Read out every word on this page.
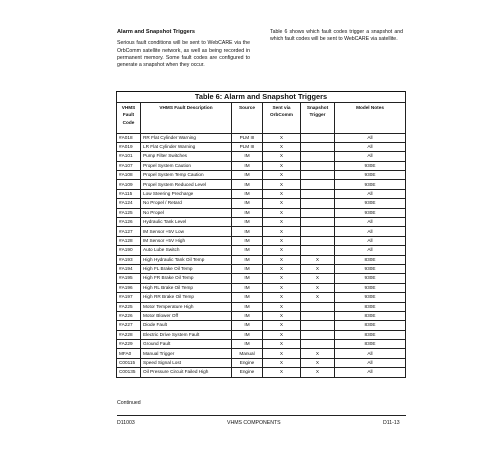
Alarm and Snapshot Triggers
Serious fault conditions will be sent to WebCARE via the OrbComm satellite network, as well as being recorded in permanent memory. Some fault codes are configured to generate a snapshot when they occur.
Table 6 shows which fault codes trigger a snapshot and which fault codes will be sent to WebCARE via satellite.
Table 6: Alarm and Snapshot Triggers					
VHMS Fault Code	VHMS Fault Description	Source	Sent via OrbComm	Snapshot Trigger	Model Notes
#A018	RR Flat Cylinder Warning	PLM III	X		All
#A019	LR Flat Cylinder Warning	PLM III	X		All
#A101	Pump Filter Switches	IM	X		All
#A107	Propel System Caution	IM	X		930E
#A108	Propel System Temp Caution	IM	X		930E
#A109	Propel System Reduced Level	IM	X		930E
#A115	Low Steering Precharge	IM	X		All
#A124	No Propel / Retard	IM	X		930E
#A125	No Propel	IM	X		930E
#A126	Hydraulic Tank Level	IM	X		All
#A127	IM Sensor +5V Low	IM	X		All
#A128	IM Sensor +5V High	IM	X		All
#A190	Auto Lube Switch	IM	X		All
#A193	High Hydraulic Tank Oil Temp	IM	X	X	830E
#A194	High FL Brake Oil Temp	IM	X	X	930E
#A195	High FR Brake Oil Temp	IM	X	X	930E
#A196	High RL Brake Oil Temp	IM	X	X	930E
#A197	High RR Brake Oil Temp	IM	X	X	930E
#A225	Motor Temperature High	IM	X		830E
#A226	Motor Blower Off	IM	X		830E
#A227	Diode Fault	IM	X		830E
#A228	Electric Drive System Fault	IM	X		830E
#A229	Ground Fault	IM	X		830E
MFA0	Manual Trigger	Manual	X	X	All
C00115	Speed Signal Lost	Engine	X	X	All
C00135	Oil Pressure Circuit Failed High	Engine	X	X	All
Continued
D11003	VHMS COMPONENTS	D11-13
